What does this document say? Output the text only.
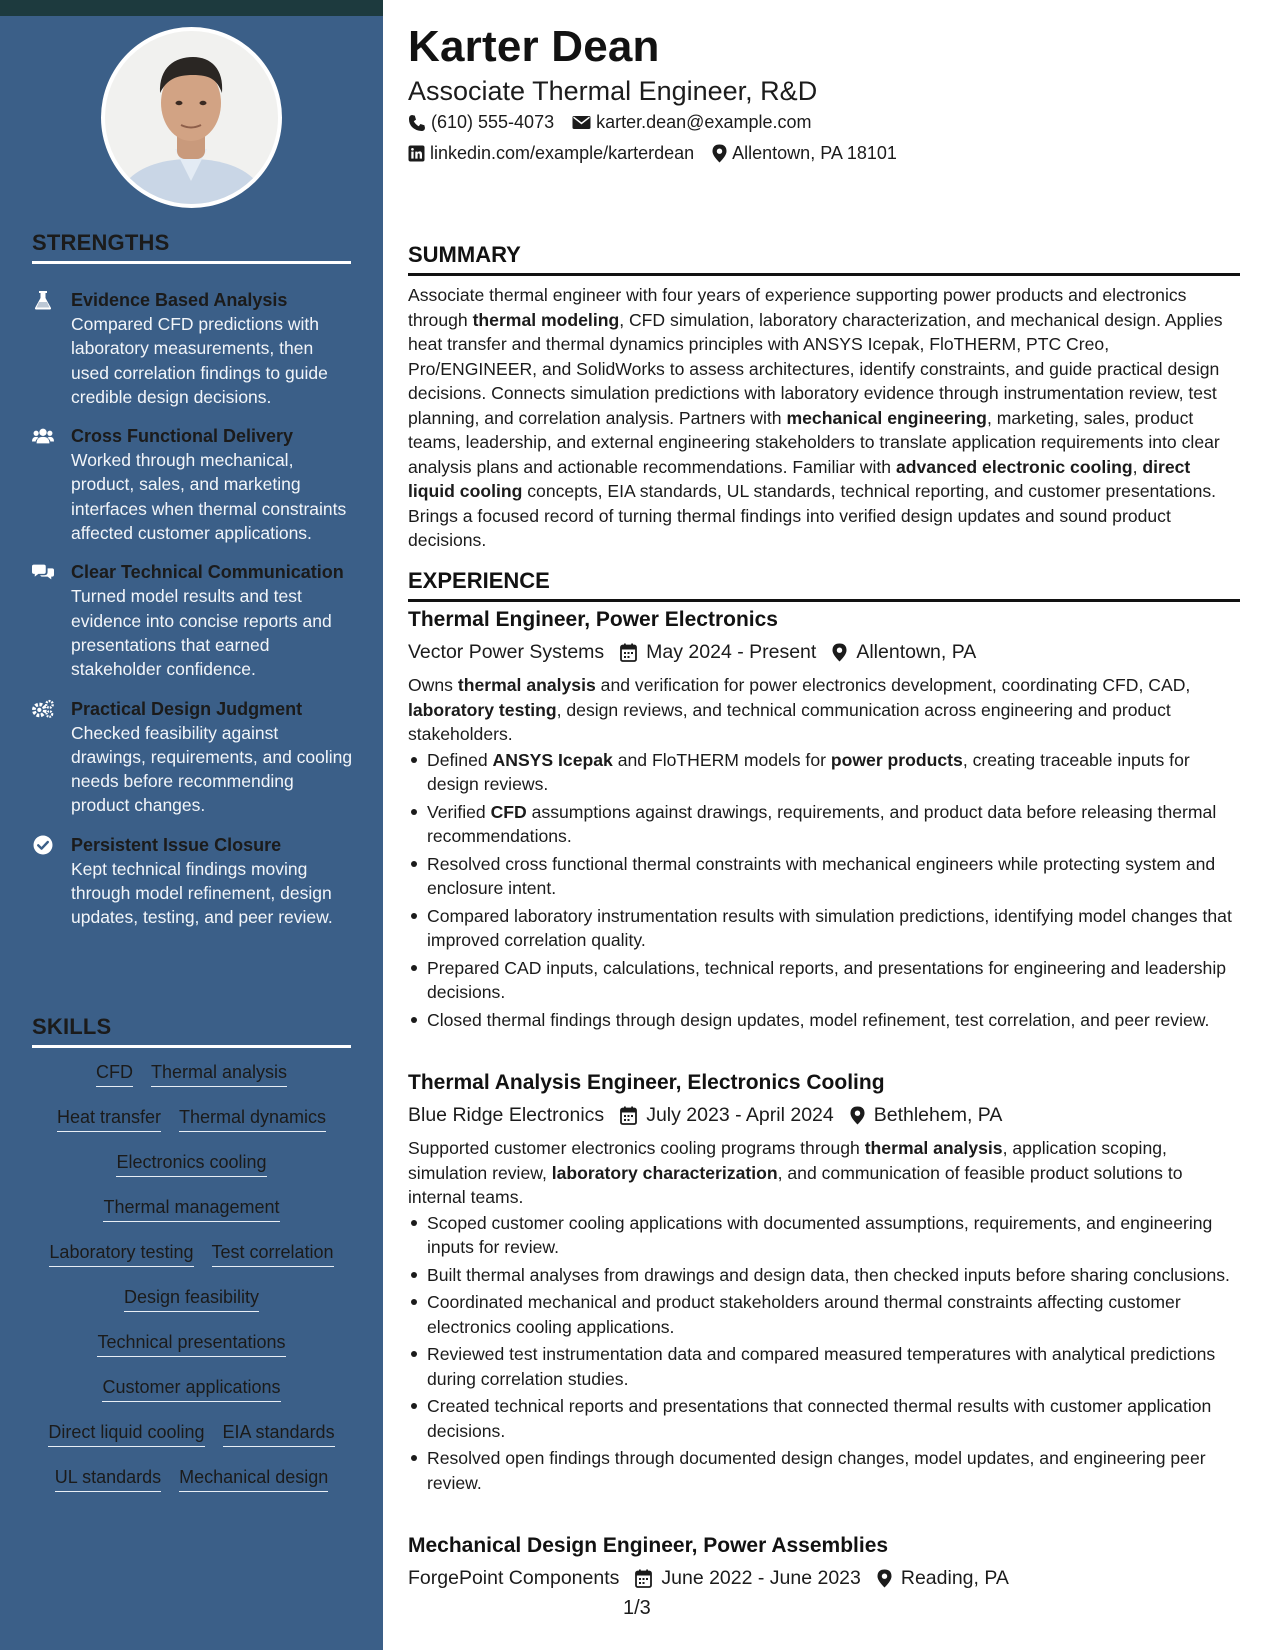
STRENGTHS
Evidence Based Analysis
Compared CFD predictions with laboratory measurements, then used correlation findings to guide credible design decisions.
Cross Functional Delivery
Worked through mechanical, product, sales, and marketing interfaces when thermal constraints affected customer applications.
Clear Technical Communication
Turned model results and test evidence into concise reports and presentations that earned stakeholder confidence.
Practical Design Judgment
Checked feasibility against drawings, requirements, and cooling needs before recommending product changes.
Persistent Issue Closure
Kept technical findings moving through model refinement, design updates, testing, and peer review.
SKILLS
CFD Thermal analysis
Heat transfer Thermal dynamics
Electronics cooling
Thermal management
Laboratory testing Test correlation
Design feasibility
Technical presentations
Customer applications
Direct liquid cooling EIA standards
UL standards Mechanical design
Karter Dean
Associate Thermal Engineer, R&D
(610) 555-4073 karter.dean@example.com
linkedin.com/example/karterdean Allentown, PA 18101
SUMMARY
Associate thermal engineer with four years of experience supporting power products and electronics through thermal modeling, CFD simulation, laboratory characterization, and mechanical design. Applies heat transfer and thermal dynamics principles with ANSYS Icepak, FloTHERM, PTC Creo, Pro/ENGINEER, and SolidWorks to assess architectures, identify constraints, and guide practical design decisions. Connects simulation predictions with laboratory evidence through instrumentation review, test planning, and correlation analysis. Partners with mechanical engineering, marketing, sales, product teams, leadership, and external engineering stakeholders to translate application requirements into clear analysis plans and actionable recommendations. Familiar with advanced electronic cooling, direct liquid cooling concepts, EIA standards, UL standards, technical reporting, and customer presentations. Brings a focused record of turning thermal findings into verified design updates and sound product decisions.
EXPERIENCE
Thermal Engineer, Power Electronics
Vector Power Systems May 2024 - Present Allentown, PA
Owns thermal analysis and verification for power electronics development, coordinating CFD, CAD, laboratory testing, design reviews, and technical communication across engineering and product stakeholders.
Defined ANSYS Icepak and FloTHERM models for power products, creating traceable inputs for design reviews.
Verified CFD assumptions against drawings, requirements, and product data before releasing thermal recommendations.
Resolved cross functional thermal constraints with mechanical engineers while protecting system and enclosure intent.
Compared laboratory instrumentation results with simulation predictions, identifying model changes that improved correlation quality.
Prepared CAD inputs, calculations, technical reports, and presentations for engineering and leadership decisions.
Closed thermal findings through design updates, model refinement, test correlation, and peer review.
Thermal Analysis Engineer, Electronics Cooling
Blue Ridge Electronics July 2023 - April 2024 Bethlehem, PA
Supported customer electronics cooling programs through thermal analysis, application scoping, simulation review, laboratory characterization, and communication of feasible product solutions to internal teams.
Scoped customer cooling applications with documented assumptions, requirements, and engineering inputs for review.
Built thermal analyses from drawings and design data, then checked inputs before sharing conclusions.
Coordinated mechanical and product stakeholders around thermal constraints affecting customer electronics cooling applications.
Reviewed test instrumentation data and compared measured temperatures with analytical predictions during correlation studies.
Created technical reports and presentations that connected thermal results with customer application decisions.
Resolved open findings through documented design changes, model updates, and engineering peer review.
Mechanical Design Engineer, Power Assemblies
ForgePoint Components June 2022 - June 2023 Reading, PA
1/3
